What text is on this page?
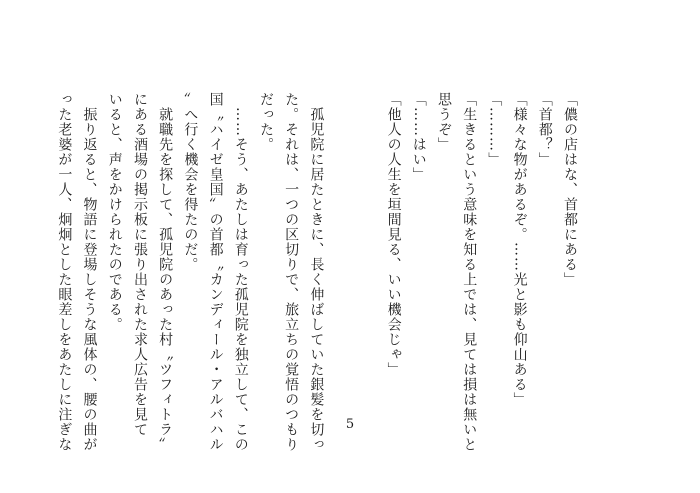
「儂の店はな、首都にある」
「首都？」
「様々な物があるぞ。……光と影も仰山ある」
「………」
「生きるという意味を知る上では、見ては損は無いと
思うぞ」
「……はい」
「他人の人生を垣間見る、いい機会じゃ」
　孤児院に居たときに、長く伸ばしていた銀髪を切っ
た。それは、一つの区切りで、旅立ちの覚悟のつもり
だった。
　……そう、あたしは育った孤児院を独立して、この
国〝ハイゼ皇国〟の首都〝カンディール・アルバハル
〟へ行く機会を得たのだ。
　就職先を探して、孤児院のあった村〝ツフィトラ〟
にある酒場の掲示板に張り出された求人広告を見て
いると、声をかけられたのである。
　振り返ると、物語に登場しそうな風体の、腰の曲が
った老婆が一人、炯炯とした眼差しをあたしに注ぎな	5
